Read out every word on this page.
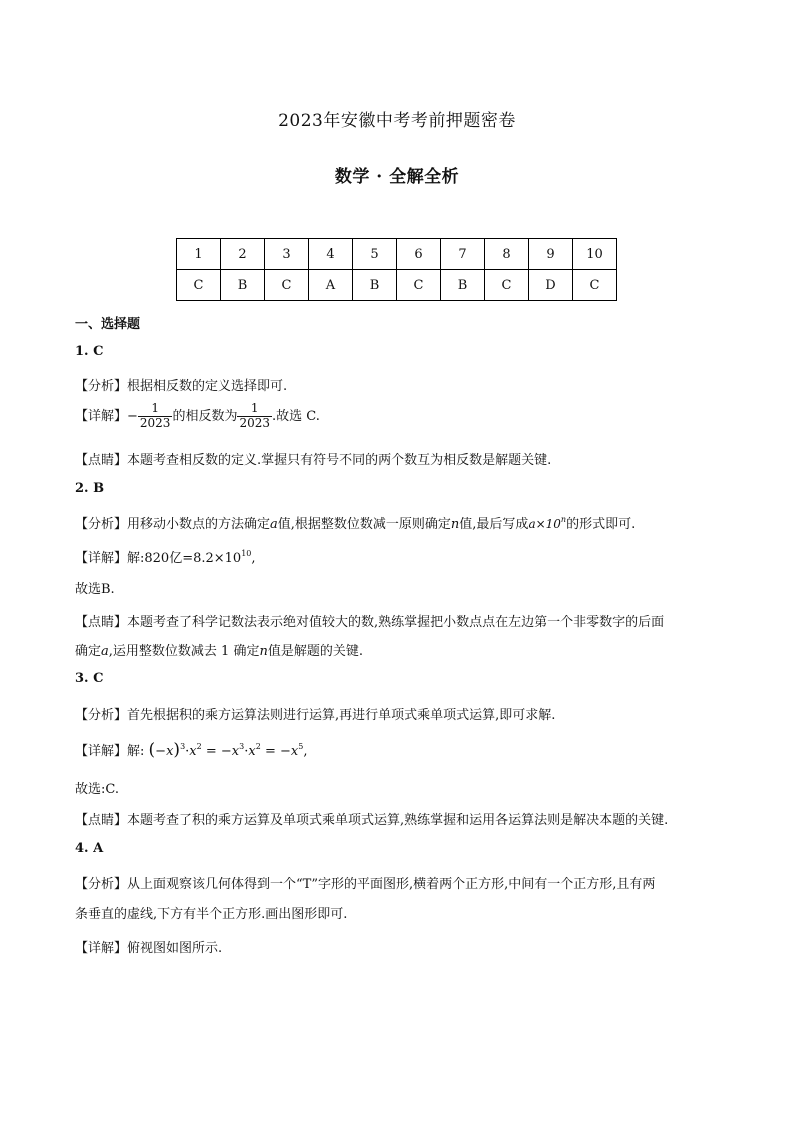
2023年安徽中考考前押题密卷
数学 · 全解全析
1	2	3	4	5	6	7	8	9	10
C	B	C	A	B	C	B	C	D	C
一、选择题
1. C
【分析】根据相反数的定义选择即可.
【详解】− $\frac{1}{2023}$ 的相反数为 $\frac{1}{2023}$ .故选 C.
【点睛】本题考查相反数的定义.掌握只有符号不同的两个数互为相反数是解题关键.
2. B
【分析】用移动小数点的方法确定a值,根据整数位数减一原则确定n值,最后写成$a\times 10^n$的形式即可.
【详解】解:820亿$=8.2\times 10^{10}$,
故选B.
【点睛】本题考查了科学记数法表示绝对值较大的数,熟练掌握把小数点点在左边第一个非零数字的后面
确定a,运用整数位数减去 1 确定n值是解题的关键.
3. C
【分析】首先根据积的乘方运算法则进行运算,再进行单项式乘单项式运算,即可求解.
【详解】解: $(-x)^3\cdot x^2 = -x^3\cdot x^2 = -x^5$,
故选:C.
【点睛】本题考查了积的乘方运算及单项式乘单项式运算,熟练掌握和运用各运算法则是解决本题的关键.
4. A
【分析】从上面观察该几何体得到一个“T”字形的平面图形,横着两个正方形,中间有一个正方形,且有两
条垂直的虚线,下方有半个正方形.画出图形即可.
【详解】俯视图如图所示.
